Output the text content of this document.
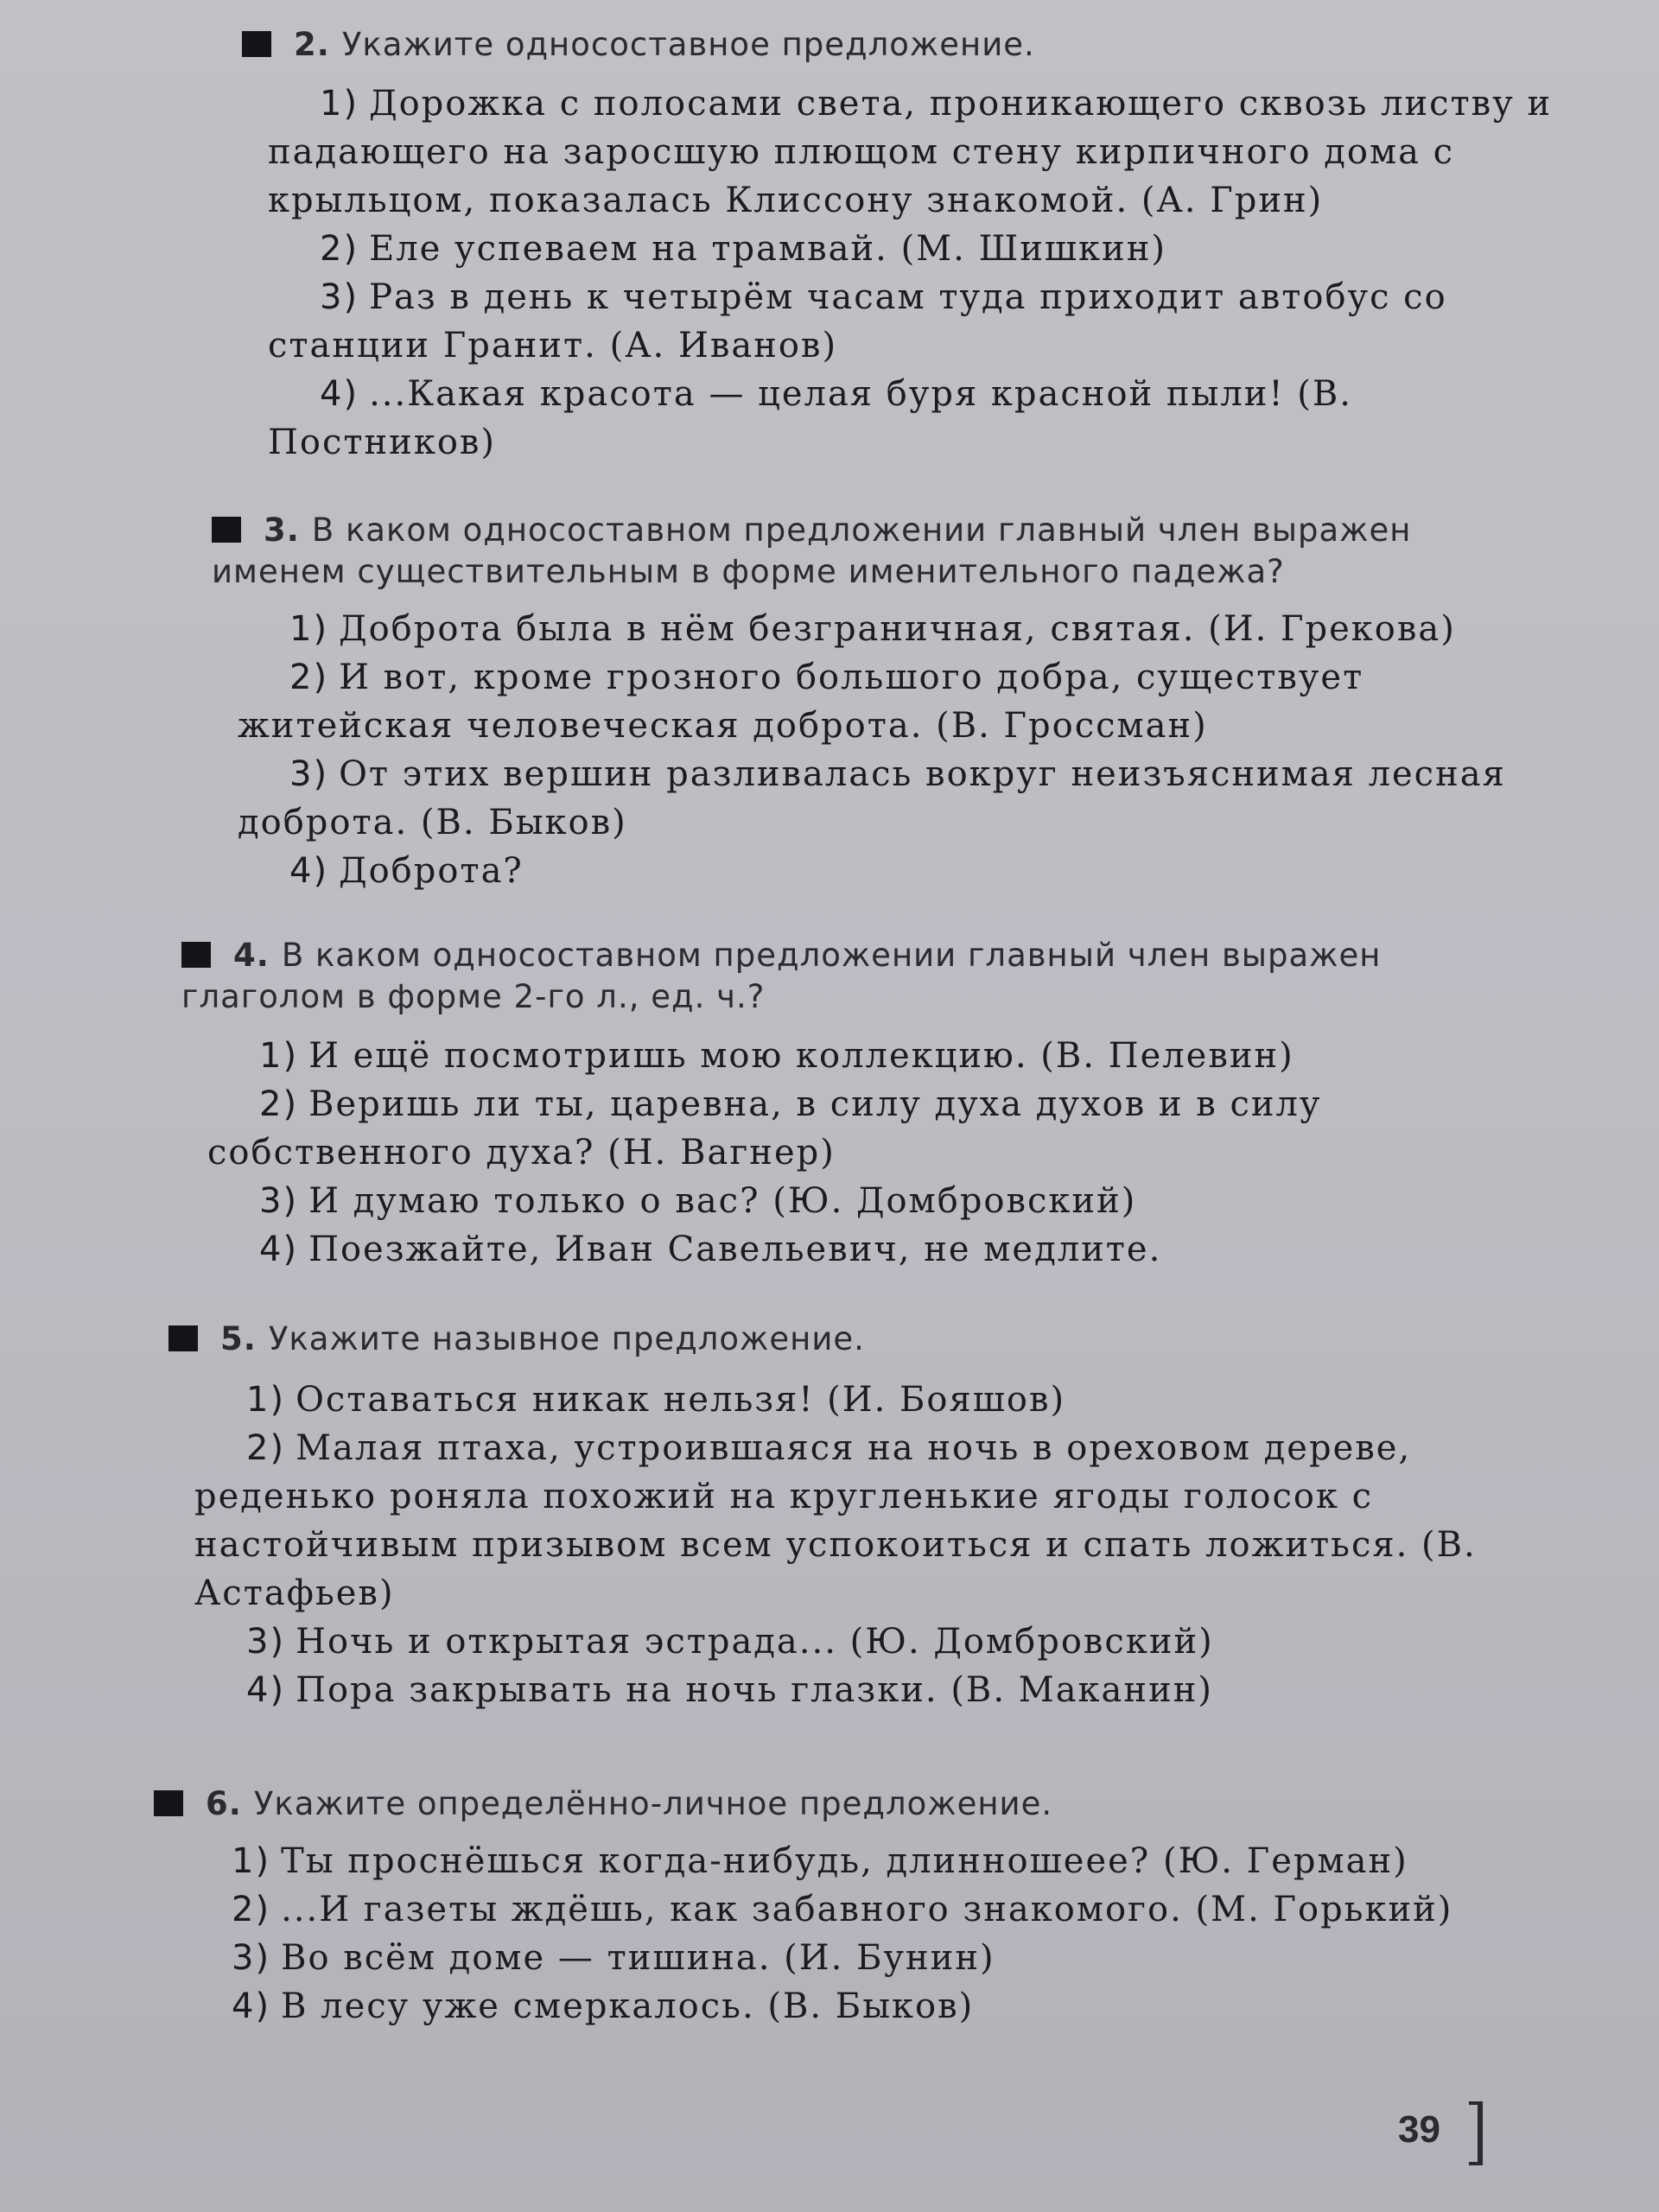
2. Укажите односоставное предложение.
1) Дорожка с полосами света, проникающего сквозь листву и падающего на заросшую плющом стену кирпичного дома с крыльцом, показалась Клиссону знакомой. (А. Грин)
2) Еле успеваем на трамвай. (М. Шишкин)
3) Раз в день к четырём часам туда приходит автобус со станции Гранит. (А. Иванов)
4) ...Какая красота — целая буря красной пыли! (В. Постников)
3. В каком односоставном предложении главный член выражен именем существительным в форме именительного падежа?
1) Доброта была в нём безграничная, святая. (И. Грекова)
2) И вот, кроме грозного большого добра, существует житейская человеческая доброта. (В. Гроссман)
3) От этих вершин разливалась вокруг неизъяснимая лесная доброта. (В. Быков)
4) Доброта?
4. В каком односоставном предложении главный член выражен глаголом в форме 2-го л., ед. ч.?
1) И ещё посмотришь мою коллекцию. (В. Пелевин)
2) Веришь ли ты, царевна, в силу духа духов и в силу собственного духа? (Н. Вагнер)
3) И думаю только о вас? (Ю. Домбровский)
4) Поезжайте, Иван Савельевич, не медлите.
5. Укажите назывное предложение.
1) Оставаться никак нельзя! (И. Бояшов)
2) Малая птаха, устроившаяся на ночь в ореховом дереве, реденько роняла похожий на кругленькие ягоды голосок с настойчивым призывом всем успокоиться и спать ложиться. (В. Астафьев)
3) Ночь и открытая эстрада... (Ю. Домбровский)
4) Пора закрывать на ночь глазки. (В. Маканин)
6. Укажите определённо-личное предложение.
1) Ты проснёшься когда-нибудь, длинношеее? (Ю. Герман)
2) ...И газеты ждёшь, как забавного знакомого. (М. Горький)
3) Во всём доме — тишина. (И. Бунин)
4) В лесу уже смеркалось. (В. Быков)
39
